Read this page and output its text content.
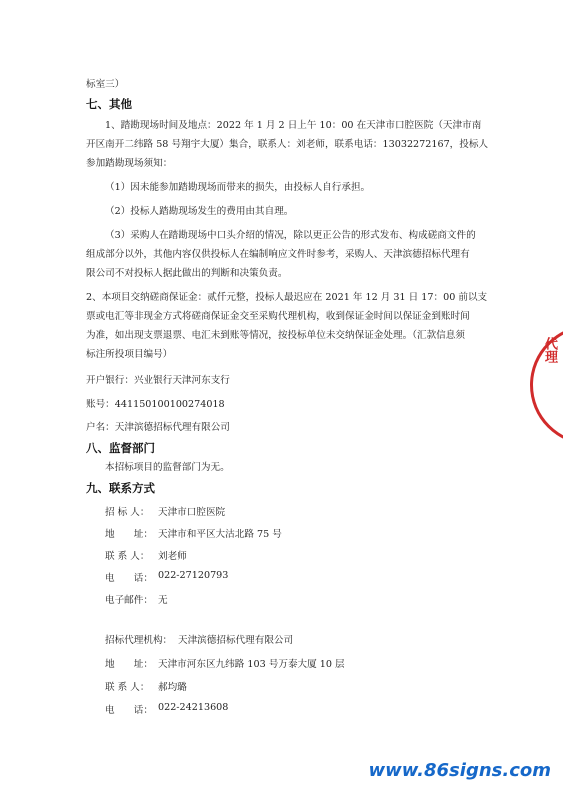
标室三）
七、其他
1、踏勘现场时间及地点：2022 年 1 月 2 日上午 10：00 在天津市口腔医院（天津市南
开区南开二纬路 58 号翔宇大厦）集合，联系人：刘老师，联系电话：13032272167，投标人
参加踏勘现场须知：
（1）因未能参加踏勘现场而带来的损失，由投标人自行承担。
（2）投标人踏勘现场发生的费用由其自理。
（3）采购人在踏勘现场中口头介绍的情况，除以更正公告的形式发布、构成磋商文件的
组成部分以外，其他内容仅供投标人在编制响应文件时参考，采购人、天津滨德招标代理有
限公司不对投标人据此做出的判断和决策负责。
2、本项目交纳磋商保证金：贰仟元整，投标人最迟应在 2021 年 12 月 31 日 17：00 前以支
票或电汇等非现金方式将磋商保证金交至采购代理机构，收到保证金时间以保证金到账时间
为准，如出现支票退票、电汇未到账等情况，按投标单位未交纳保证金处理。（汇款信息须
标注所投项目编号）
开户银行：兴业银行天津河东支行
账号：441150100100274018
户名：天津滨德招标代理有限公司
八、监督部门
本招标项目的监督部门为无。
九、联系方式
招 标 人： 天津市口腔医院
地　　址： 天津市和平区大沽北路 75 号
联 系 人： 刘老师
电　　话： 022-27120793
电子邮件： 无
招标代理机构： 天津滨德招标代理有限公司
地　　址： 天津市河东区九纬路 103 号万泰大厦 10 层
联 系 人： 郝均璐
电　　话： 022-24213608
代理
www.86signs.com
